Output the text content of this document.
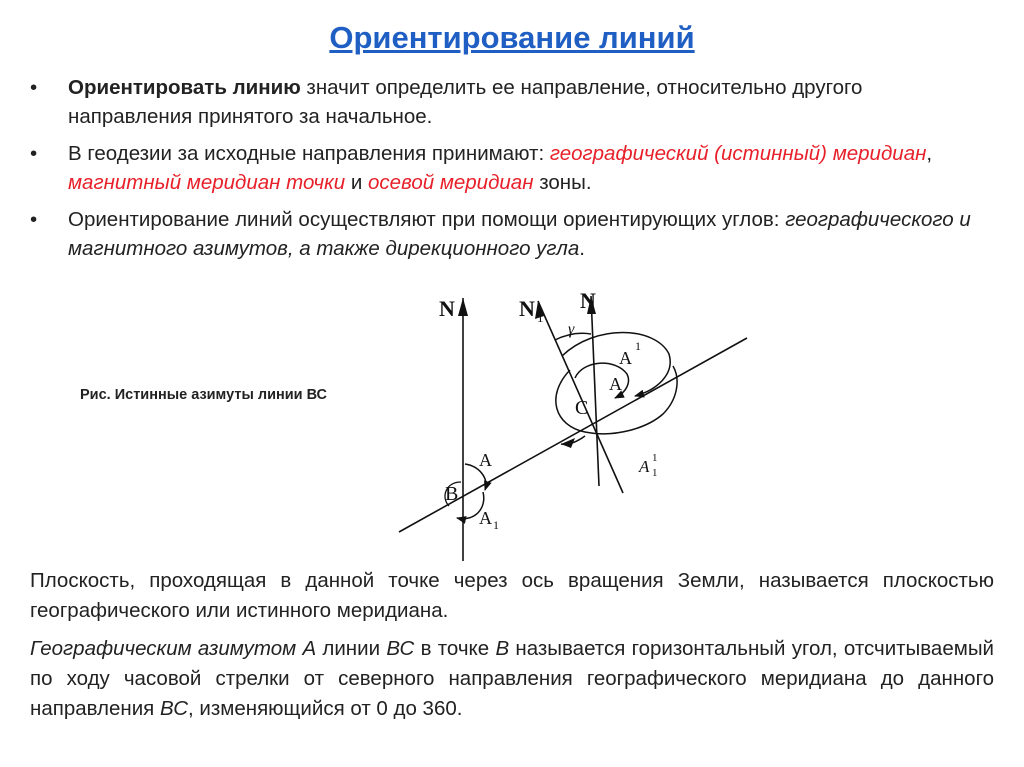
Ориентирование линий
• Ориентировать линию значит определить ее направление, относительно другого направления принятого за начальное.
• В геодезии за исходные направления принимают: географический (истинный) меридиан, магнитный меридиан точки и осевой меридиан зоны.
• Ориентирование линий осуществляют при помощи ориентирующих углов: географического и магнитного азимутов, а также дирекционного угла.
Рис. Истинные азимуты линии ВС
N	N 1
N
γ
A
1
A
C
A 1
1
A
B
A 1
Плоскость, проходящая в данной точке через ось вращения Земли, называется плоскостью географического или истинного меридиана.
Географическим азимутом А линии ВС в точке В называется горизонтальный угол, отсчитываемый по ходу часовой стрелки от северного направления географического меридиана до данного направления ВС, изменяющийся от 0 до 360.
